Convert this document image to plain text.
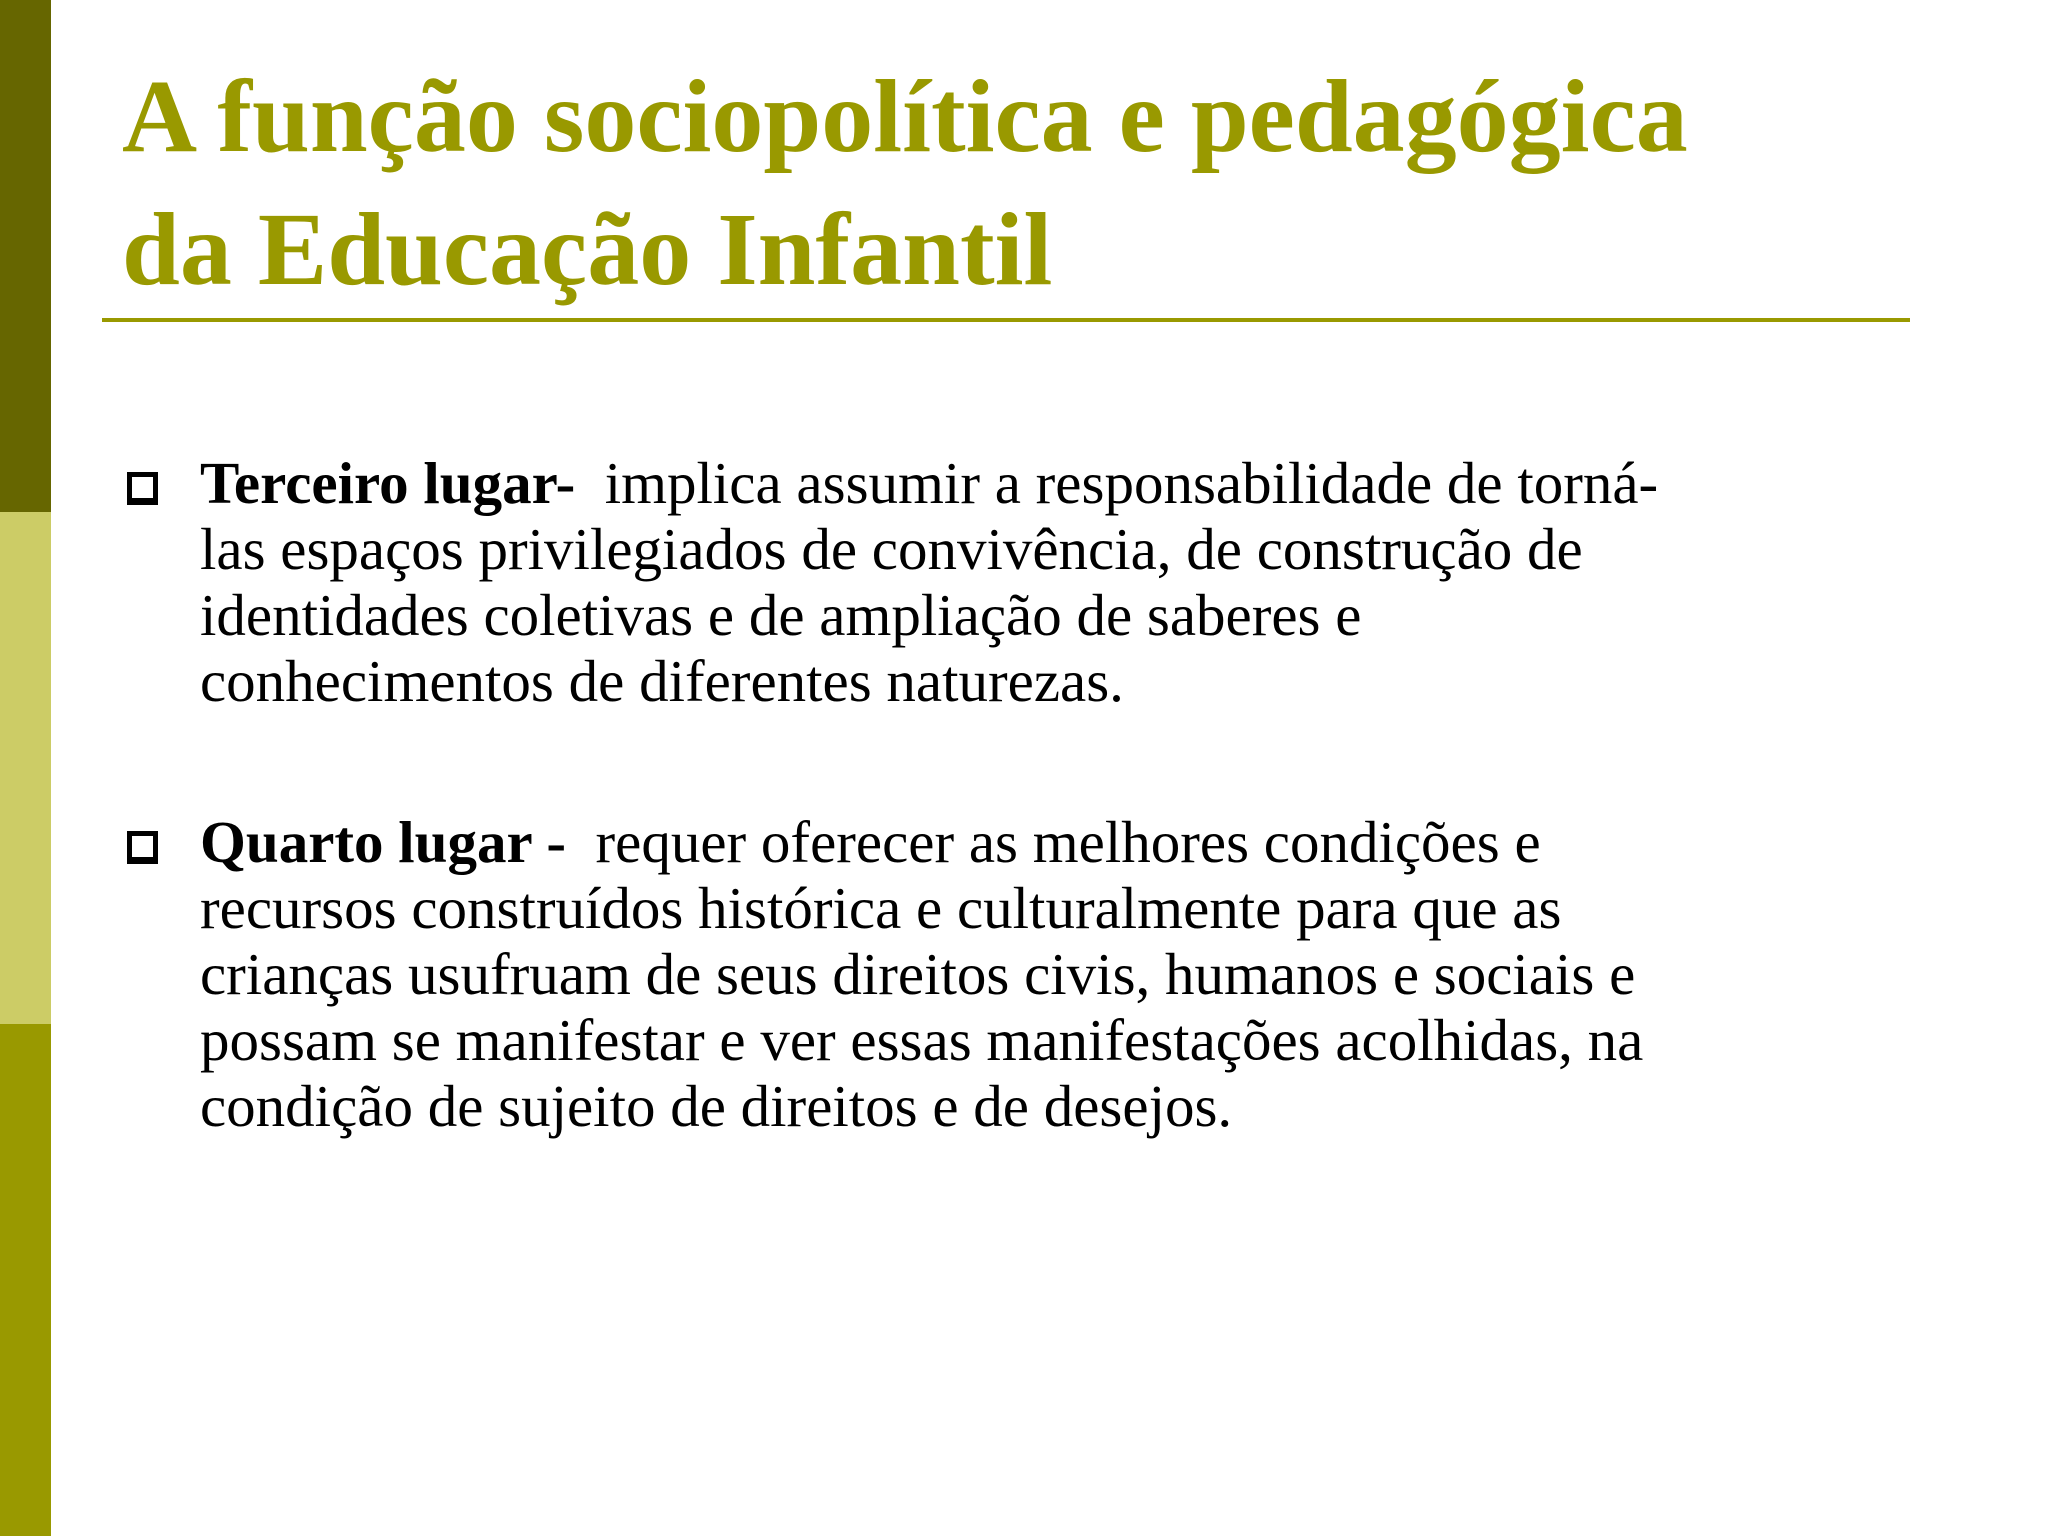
A função sociopolítica e pedagógica
da Educação Infantil
Terceiro lugar- implica assumir a responsabilidade de torná-
las espaços privilegiados de convivência, de construção de
identidades coletivas e de ampliação de saberes e
conhecimentos de diferentes naturezas.
Quarto lugar - requer oferecer as melhores condições e
recursos construídos histórica e culturalmente para que as
crianças usufruam de seus direitos civis, humanos e sociais e
possam se manifestar e ver essas manifestações acolhidas, na
condição de sujeito de direitos e de desejos.
